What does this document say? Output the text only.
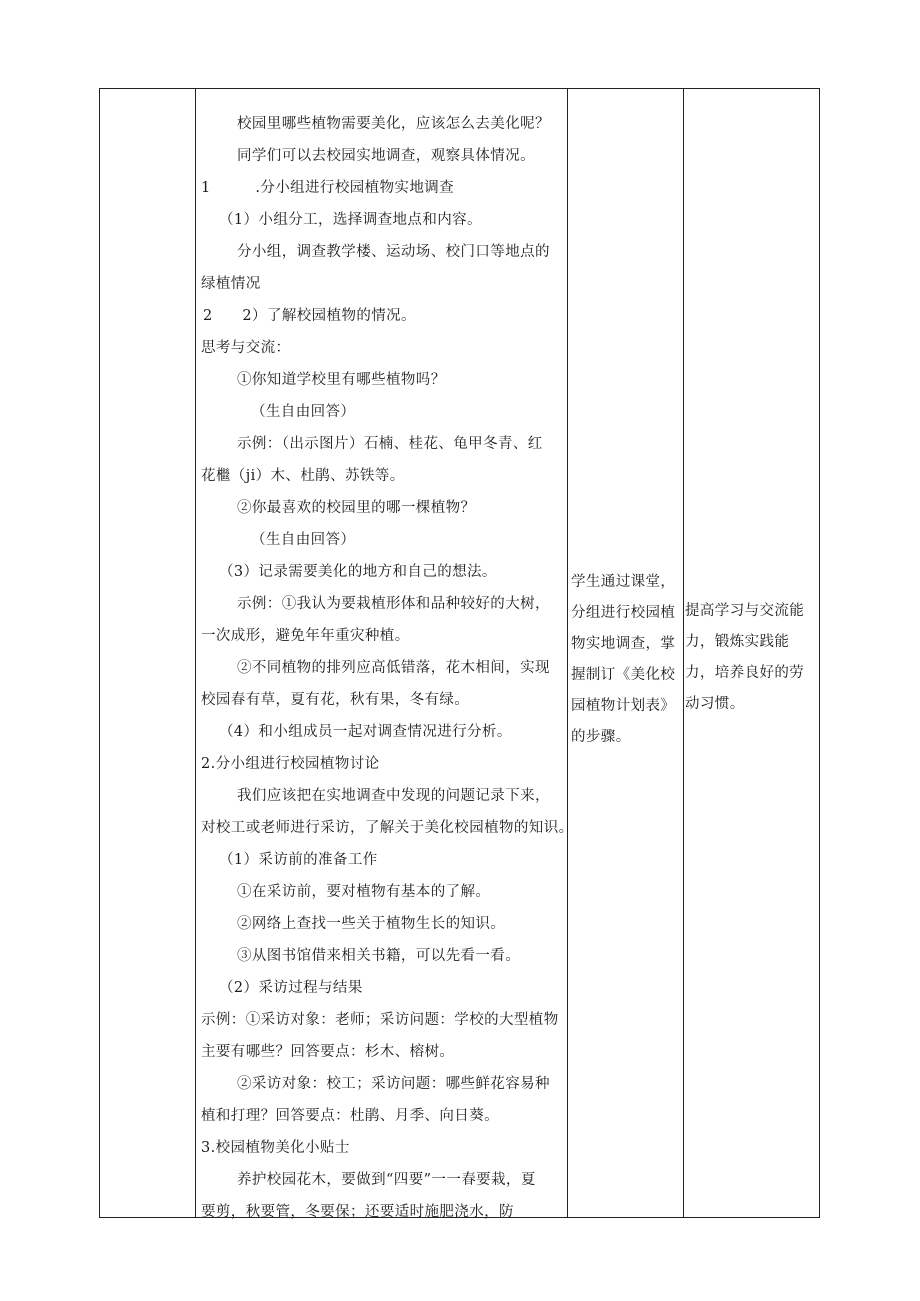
校园里哪些植物需要美化，应该怎么去美化呢？
同学们可以去校园实地调查，观察具体情况。
1　　　.分小组进行校园植物实地调查
（1）小组分工，选择调查地点和内容。
分小组，调查教学楼、运动场、校门口等地点的
绿植情况
2　　2）了解校园植物的情况。
思考与交流：
①你知道学校里有哪些植物吗？
（生自由回答）
示例：（出示图片）石楠、桂花、龟甲冬青、红
花檵（ji）木、杜鹃、苏铁等。
②你最喜欢的校园里的哪一棵植物？
（生自由回答）
（3）记录需要美化的地方和自己的想法。
示例：①我认为要栽植形体和品种较好的大树，
一次成形，避免年年重灾种植。
②不同植物的排列应高低错落，花木相间，实现
校园春有草，夏有花，秋有果，冬有绿。
（4）和小组成员一起对调查情况进行分析。
2.分小组进行校园植物讨论
我们应该把在实地调查中发现的问题记录下来，
对校工或老师进行采访，了解关于美化校园植物的知识。
（1）采访前的准备工作
①在采访前，要对植物有基本的了解。
②网络上查找一些关于植物生长的知识。
③从图书馆借来相关书籍，可以先看一看。
（2）采访过程与结果
示例：①采访对象：老师；采访问题：学校的大型植物
主要有哪些？回答要点：杉木、榕树。
②采访对象：校工；采访问题：哪些鲜花容易种
植和打理？回答要点：杜鹃、月季、向日葵。
3.校园植物美化小贴士
养护校园花木，要做到“四要”一一春要栽，夏
要剪，秋要管，冬要保；还要适时施肥浇水，防
学生通过课堂，
分组进行校园植
物实地调查，掌
握制订《美化校
园植物计划表》
的步骤。
提高学习与交流能
力，锻炼实践能
力，培养良好的劳
动习惯。
